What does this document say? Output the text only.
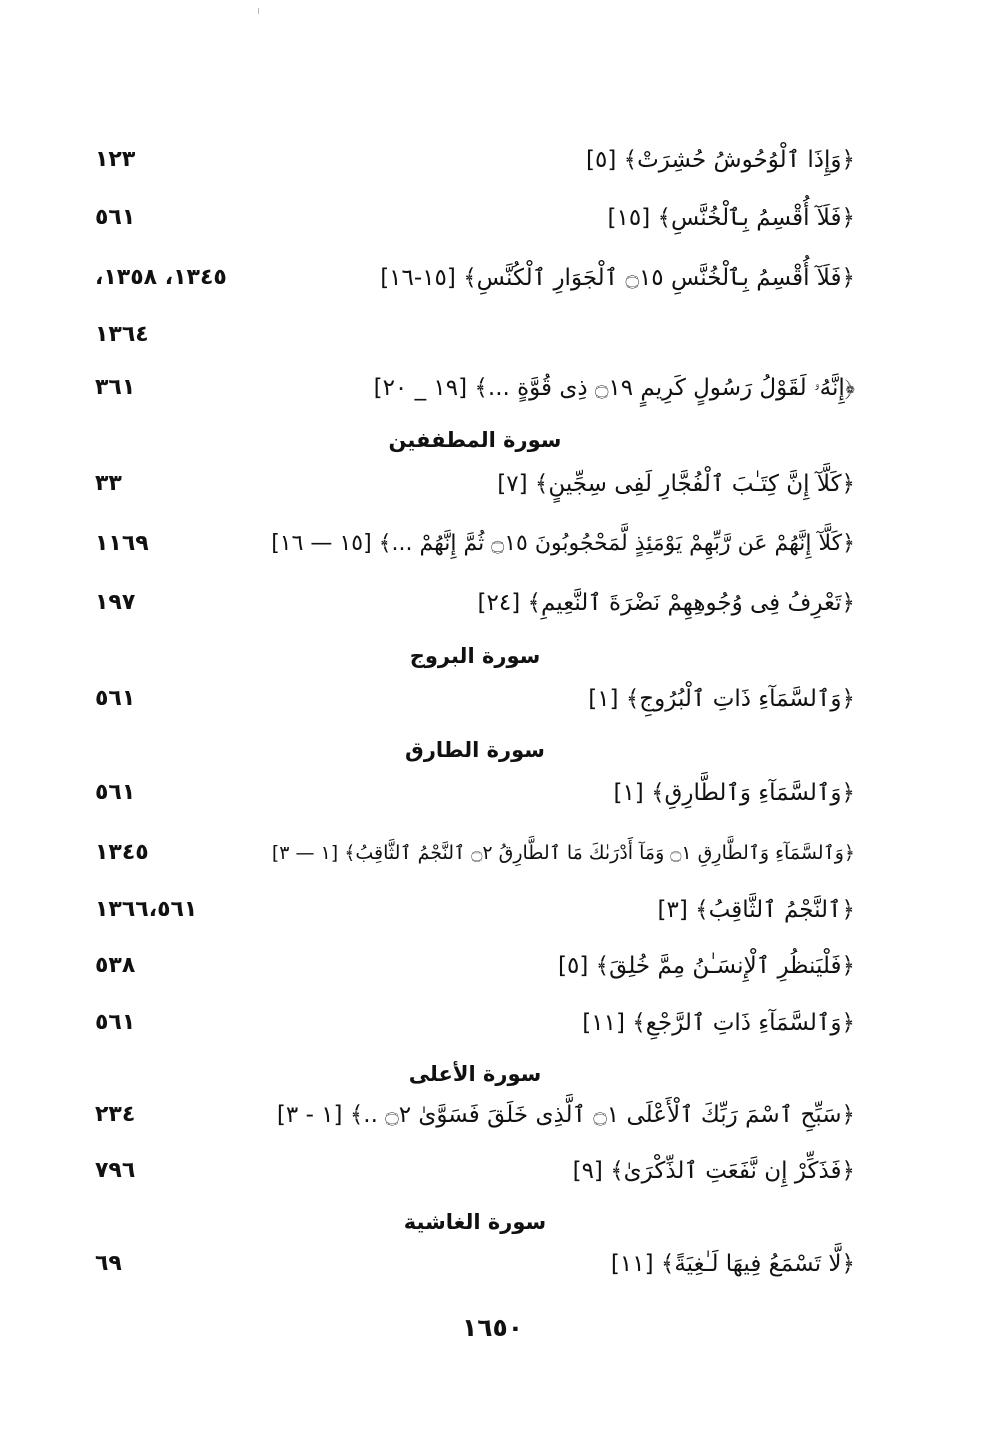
﴿وَإِذَا ٱلْوُحُوشُ حُشِرَتْ﴾ [٥]
١٢٣
﴿فَلَآ أُقْسِمُ بِٱلْخُنَّسِ﴾ [١٥]
٥٦١
﴿فَلَآ أُقْسِمُ بِٱلْخُنَّسِ ۝١٥ ٱلْجَوَارِ ٱلْكُنَّسِ﴾ [١٥-١٦]
١٣٤٥، ١٣٥٨،
١٣٦٤
﴿إِنَّهُۥ لَقَوْلُ رَسُولٍ كَرِيمٍ ۝١٩ ذِى قُوَّةٍ ...﴾ [١٩ _ ٢٠]
٣٦١
سورة المطففين
﴿كَلَّآ إِنَّ كِتَـٰبَ ٱلْفُجَّارِ لَفِى سِجِّينٍ﴾ [٧]
٣٣
﴿كَلَّآ إِنَّهُمْ عَن رَّبِّهِمْ يَوْمَئِذٍ لَّمَحْجُوبُونَ ۝١٥ ثُمَّ إِنَّهُمْ ...﴾ [١٥ — ١٦]
١١٦٩
﴿تَعْرِفُ فِى وُجُوهِهِمْ نَضْرَةَ ٱلنَّعِيمِ﴾ [٢٤]
١٩٧
سورة البروج
﴿وَٱلسَّمَآءِ ذَاتِ ٱلْبُرُوجِ﴾ [١]
٥٦١
سورة الطارق
﴿وَٱلسَّمَآءِ وَٱلطَّارِقِ﴾ [١]
٥٦١
﴿وَٱلسَّمَآءِ وَٱلطَّارِقِ ۝١ وَمَآ أَدْرَىٰكَ مَا ٱلطَّارِقُ ۝٢ ٱلنَّجْمُ ٱلثَّاقِبُ﴾ [١ — ٣]
١٣٤٥
﴿ٱلنَّجْمُ ٱلثَّاقِبُ﴾ [٣]
١٣٦٦،٥٦١
﴿فَلْيَنظُرِ ٱلْإِنسَـٰنُ مِمَّ خُلِقَ﴾ [٥]
٥٣٨
﴿وَٱلسَّمَآءِ ذَاتِ ٱلرَّجْعِ﴾ [١١]
٥٦١
سورة الأعلى
﴿سَبِّحِ ٱسْمَ رَبِّكَ ٱلْأَعْلَى ۝١ ٱلَّذِى خَلَقَ فَسَوَّىٰ ۝٢ ..﴾ [١ - ٣]
٢٣٤
﴿فَذَكِّرْ إِن نَّفَعَتِ ٱلذِّكْرَىٰ﴾ [٩]
٧٩٦
سورة الغاشية
﴿لَّا تَسْمَعُ فِيهَا لَـٰغِيَةً﴾ [١١]
٦٩
١٦٥٠
